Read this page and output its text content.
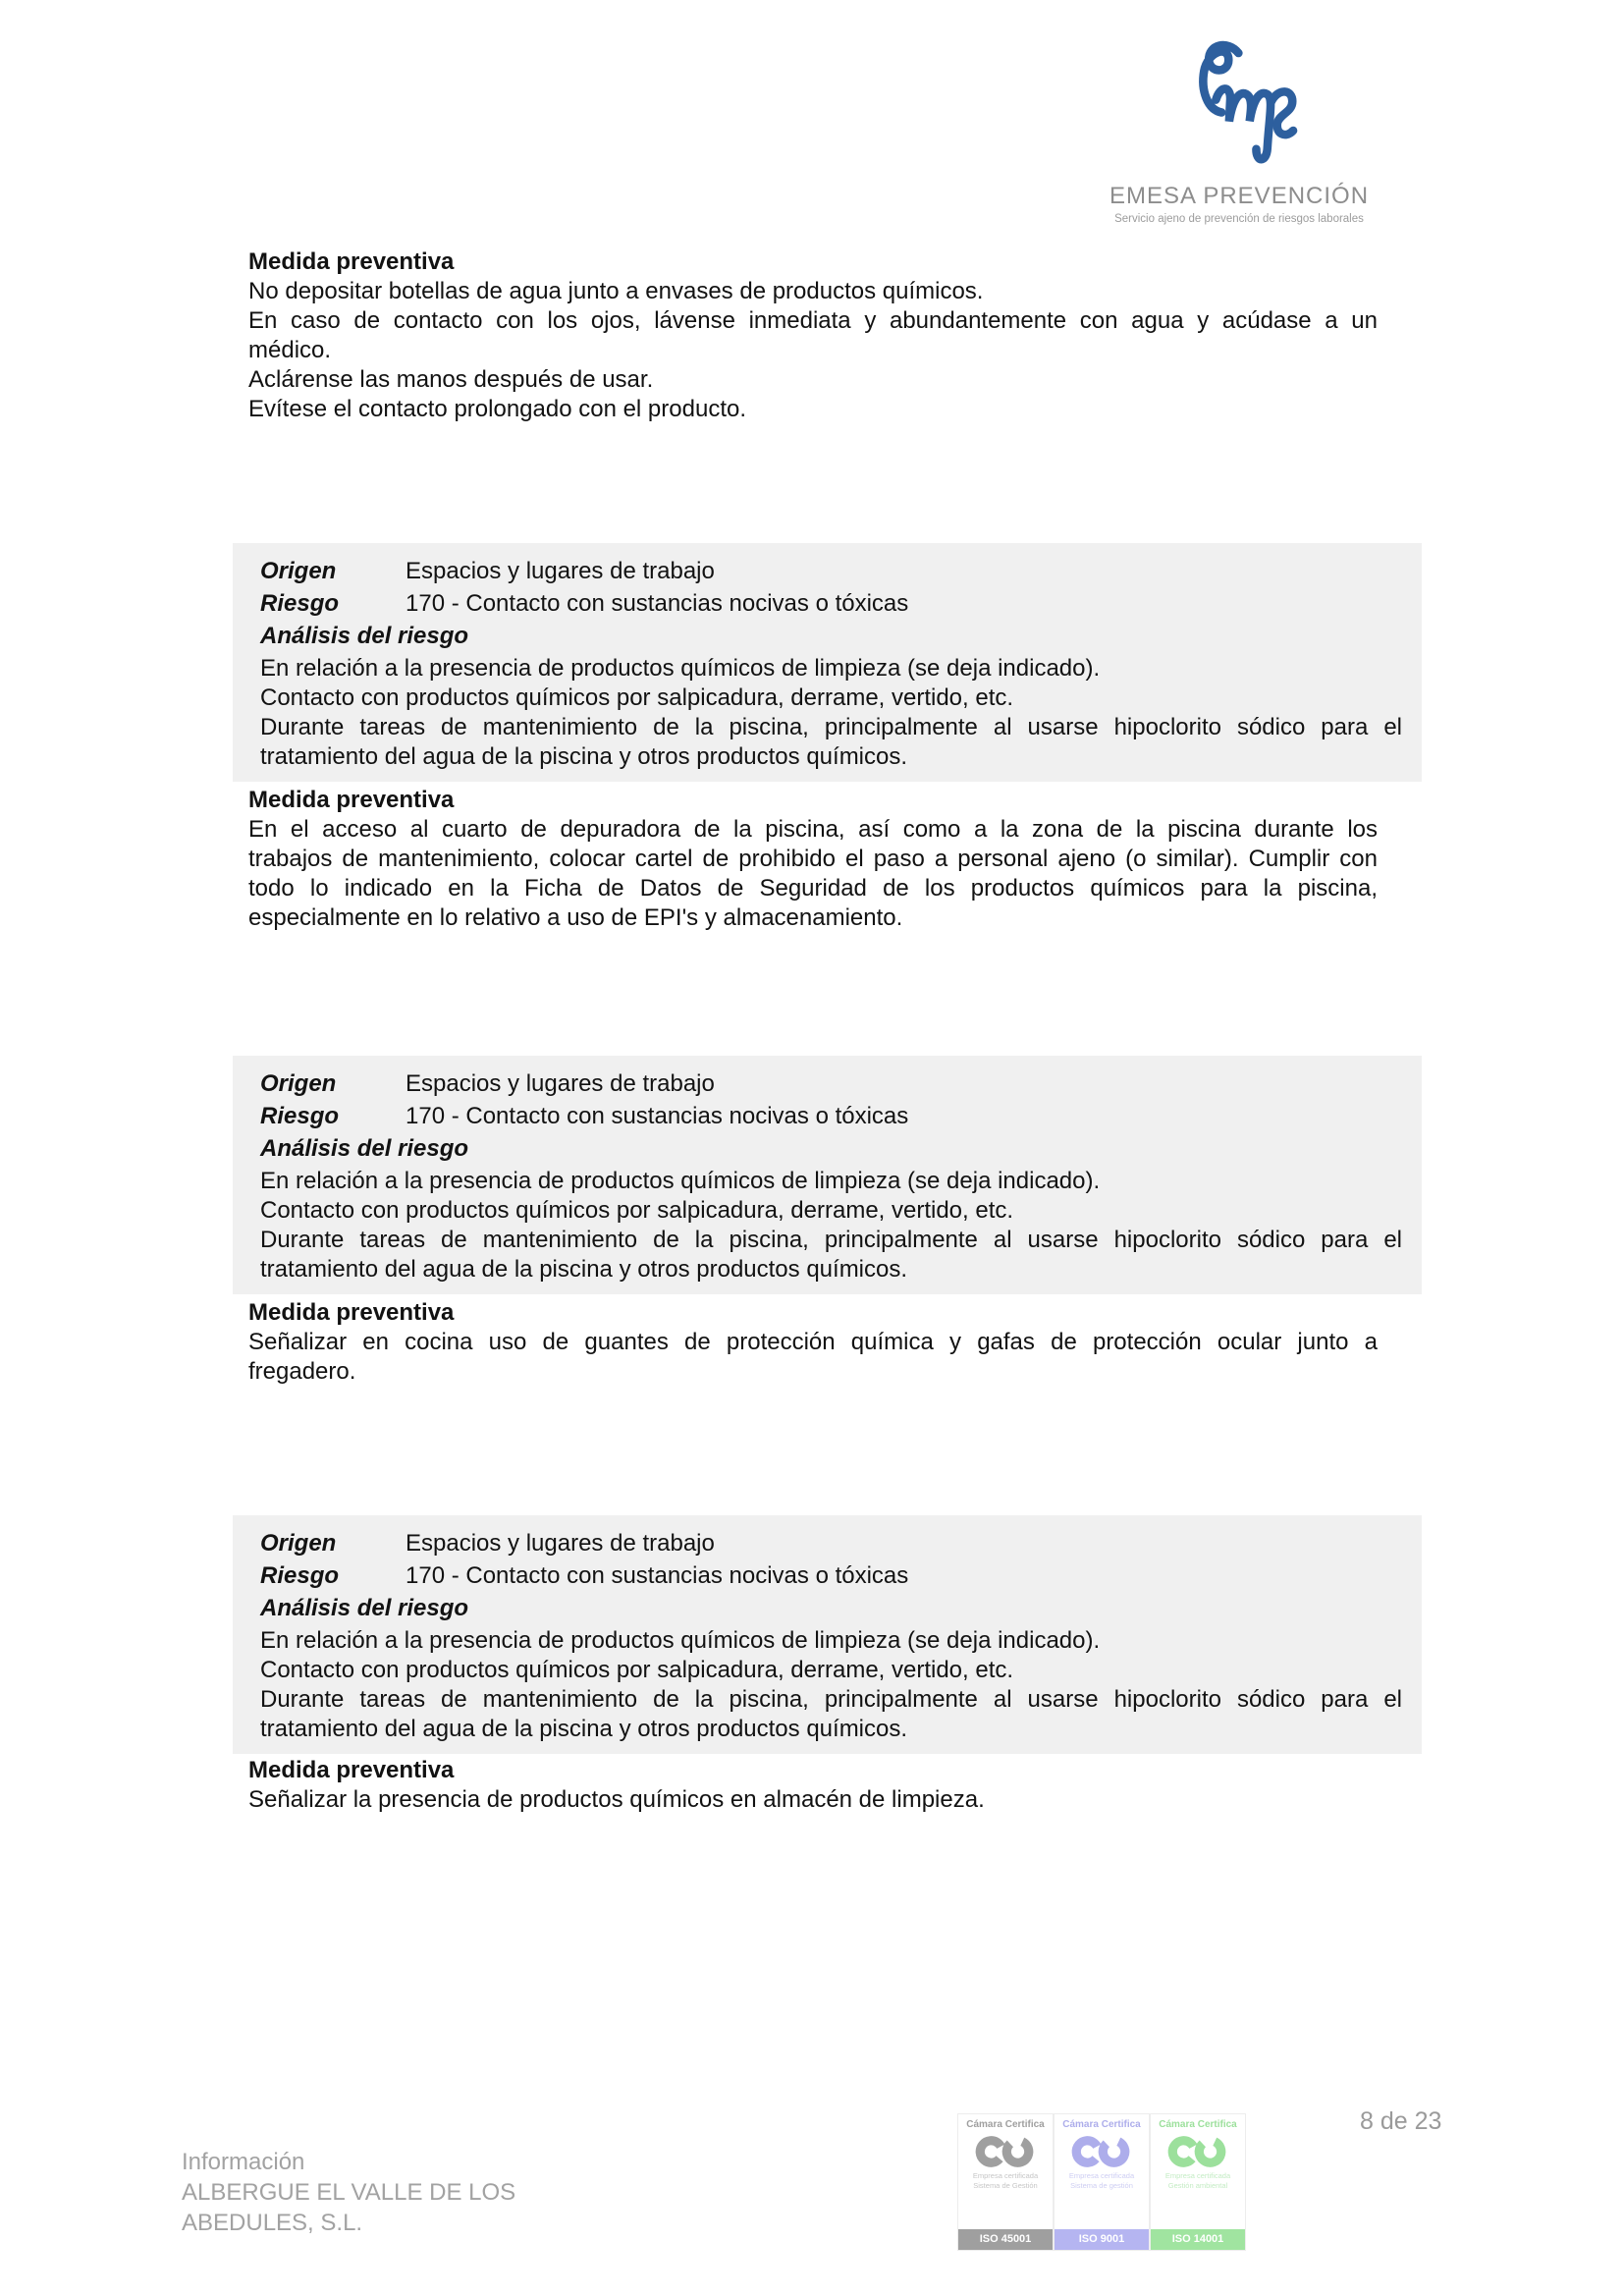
EMESA PREVENCIÓN
Servicio ajeno de prevención de riesgos laborales
Medida preventiva
No depositar botellas de agua junto a envases de productos químicos.
En caso de contacto con los ojos, lávense inmediata y abundantemente con agua y acúdase a un
médico.
Aclárense las manos después de usar.
Evítese el contacto prolongado con el producto.
Origen	Espacios y lugares de trabajo
Riesgo	170 - Contacto con sustancias nocivas o tóxicas
Análisis del riesgo
En relación a la presencia de productos químicos de limpieza (se deja indicado).
Contacto con productos químicos por salpicadura, derrame, vertido, etc.
Durante tareas de mantenimiento de la piscina, principalmente al usarse hipoclorito sódico para el
tratamiento del agua de la piscina y otros productos químicos.
Medida preventiva
En el acceso al cuarto de depuradora de la piscina, así como a la zona de la piscina durante los
trabajos de mantenimiento, colocar cartel de prohibido el paso a personal ajeno (o similar). Cumplir con
todo lo indicado en la Ficha de Datos de Seguridad de los productos químicos para la piscina,
especialmente en lo relativo a uso de EPI's y almacenamiento.
Origen	Espacios y lugares de trabajo
Riesgo	170 - Contacto con sustancias nocivas o tóxicas
Análisis del riesgo
En relación a la presencia de productos químicos de limpieza (se deja indicado).
Contacto con productos químicos por salpicadura, derrame, vertido, etc.
Durante tareas de mantenimiento de la piscina, principalmente al usarse hipoclorito sódico para el
tratamiento del agua de la piscina y otros productos químicos.
Medida preventiva
Señalizar en cocina uso de guantes de protección química y gafas de protección ocular junto a
fregadero.
Origen	Espacios y lugares de trabajo
Riesgo	170 - Contacto con sustancias nocivas o tóxicas
Análisis del riesgo
En relación a la presencia de productos químicos de limpieza (se deja indicado).
Contacto con productos químicos por salpicadura, derrame, vertido, etc.
Durante tareas de mantenimiento de la piscina, principalmente al usarse hipoclorito sódico para el
tratamiento del agua de la piscina y otros productos químicos.
Medida preventiva
Señalizar la presencia de productos químicos en almacén de limpieza.
Información
ALBERGUE EL VALLE DE LOS
ABEDULES, S.L.
Cámara Certifica
Empresa certificada
Sistema de Gestión
ISO 45001
Cámara Certifica
Empresa certificada
Sistema de gestión
ISO 9001
Cámara Certifica
Empresa certificada
Gestión ambiental
ISO 14001
8 de 23
